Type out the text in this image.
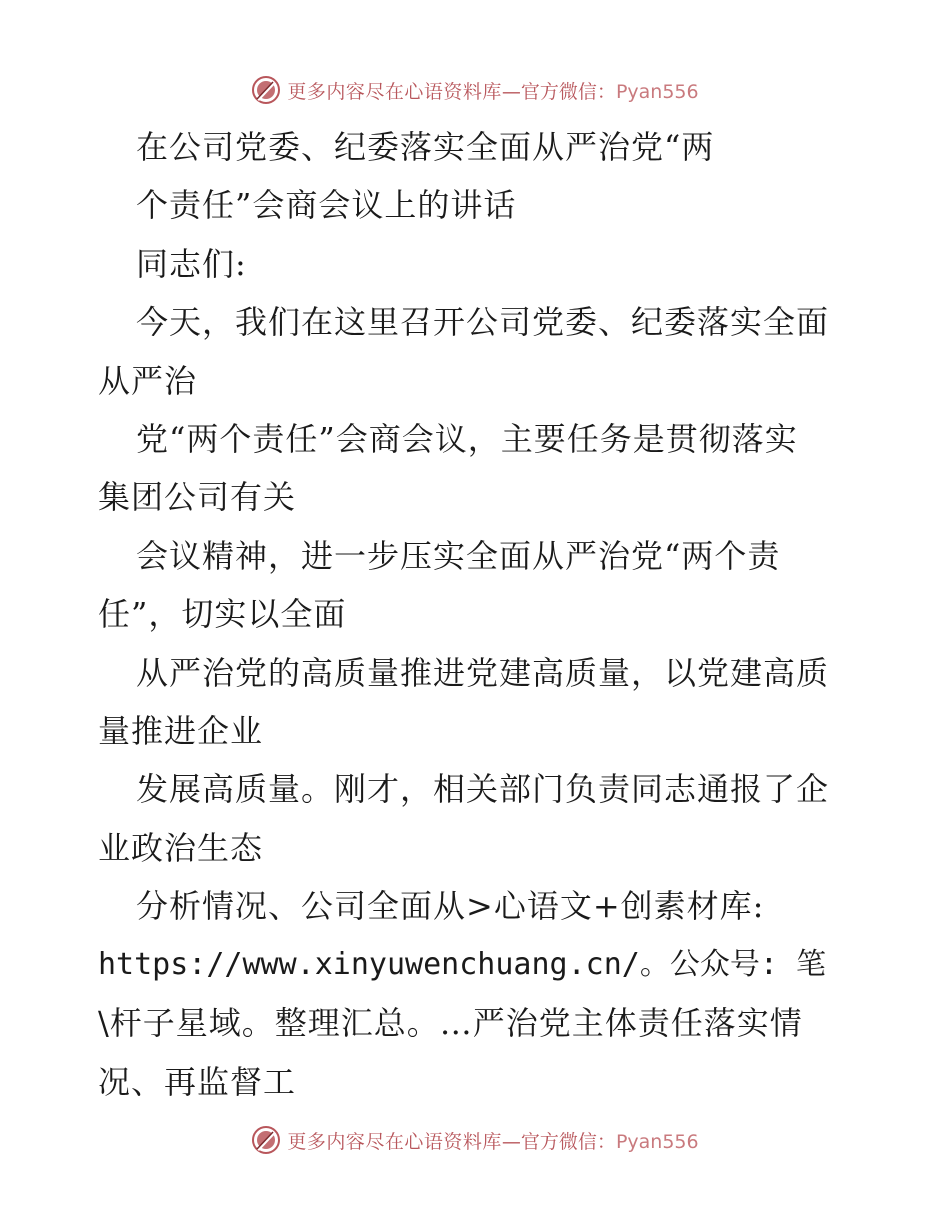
更多内容尽在心语资料库—官方微信：Pyan556
在公司党委、纪委落实全面从严治党“两
个责任”会商会议上的讲话
同志们:
今天，我们在这里召开公司党委、纪委落实全面
从严治
党“两个责任”会商会议，主要任务是贯彻落实
集团公司有关
会议精神，进一步压实全面从严治党“两个责
任”，切实以全面
从严治党的高质量推进党建高质量，以党建高质
量推进企业
发展高质量。刚才，相关部门负责同志通报了企
业政治生态
分析情况、公司全面从>心语文+创素材库:
https://www.xinyuwenchuang.cn/。公众号: 笔
\杆子星域。整理汇总。…严治党主体责任落实情
况、再监督工
更多内容尽在心语资料库—官方微信：Pyan556
